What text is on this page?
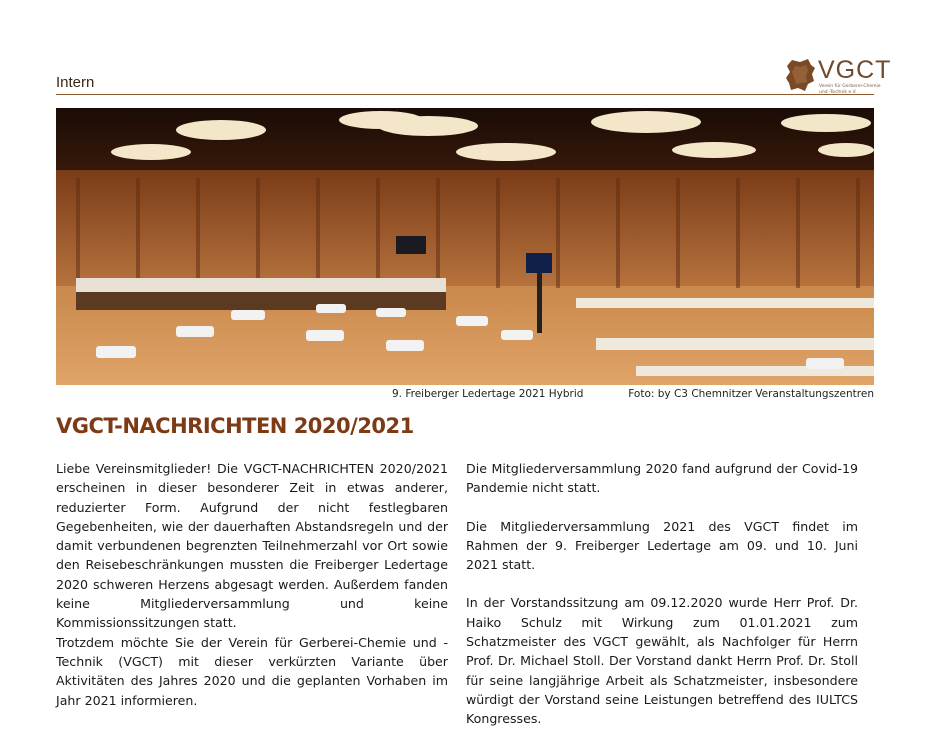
Intern	VGCT
Verein für Gerberei-Chemie
und -Technik e.V.
9. Freiberger Ledertage 2021 Hybrid	Foto: by C3 Chemnitzer Veranstaltungszentren
VGCT-NACHRICHTEN 2020/2021

Liebe Vereinsmitglieder! Die VGCT-NACHRICHTEN 2020/2021 erscheinen in dieser besonderer Zeit in etwas anderer, reduzierter Form. Aufgrund der nicht festlegbaren Gegebenheiten, wie der dauerhaften Abstandsregeln und der damit verbundenen begrenzten Teilnehmerzahl vor Ort sowie den Reisebeschränkungen mussten die Freiberger Ledertage 2020 schweren Herzens abgesagt werden. Außerdem fanden keine Mitgliederversammlung und keine Kommissionssitzungen statt.

Trotzdem möchte Sie der Verein für Gerberei-Chemie und -Technik (VGCT) mit dieser verkürzten Variante über Aktivitäten des Jahres 2020 und die geplanten Vorhaben im Jahr 2021 informieren.

Die Mitgliederversammlung 2020 fand aufgrund der Covid-19 Pandemie nicht statt.

Die Mitgliederversammlung 2021 des VGCT findet im Rahmen der 9. Freiberger Ledertage am 09. und 10. Juni 2021 statt.

In der Vorstandssitzung am 09.12.2020 wurde Herr Prof. Dr. Haiko Schulz mit Wirkung zum 01.01.2021 zum Schatzmeister des VGCT gewählt, als Nachfolger für Herrn Prof. Dr. Michael Stoll. Der Vorstand dankt Herrn Prof. Dr. Stoll für seine langjährige Arbeit als Schatzmeister, insbesondere würdigt der Vorstand seine Leistungen betreffend des IULTCS Kongresses.
